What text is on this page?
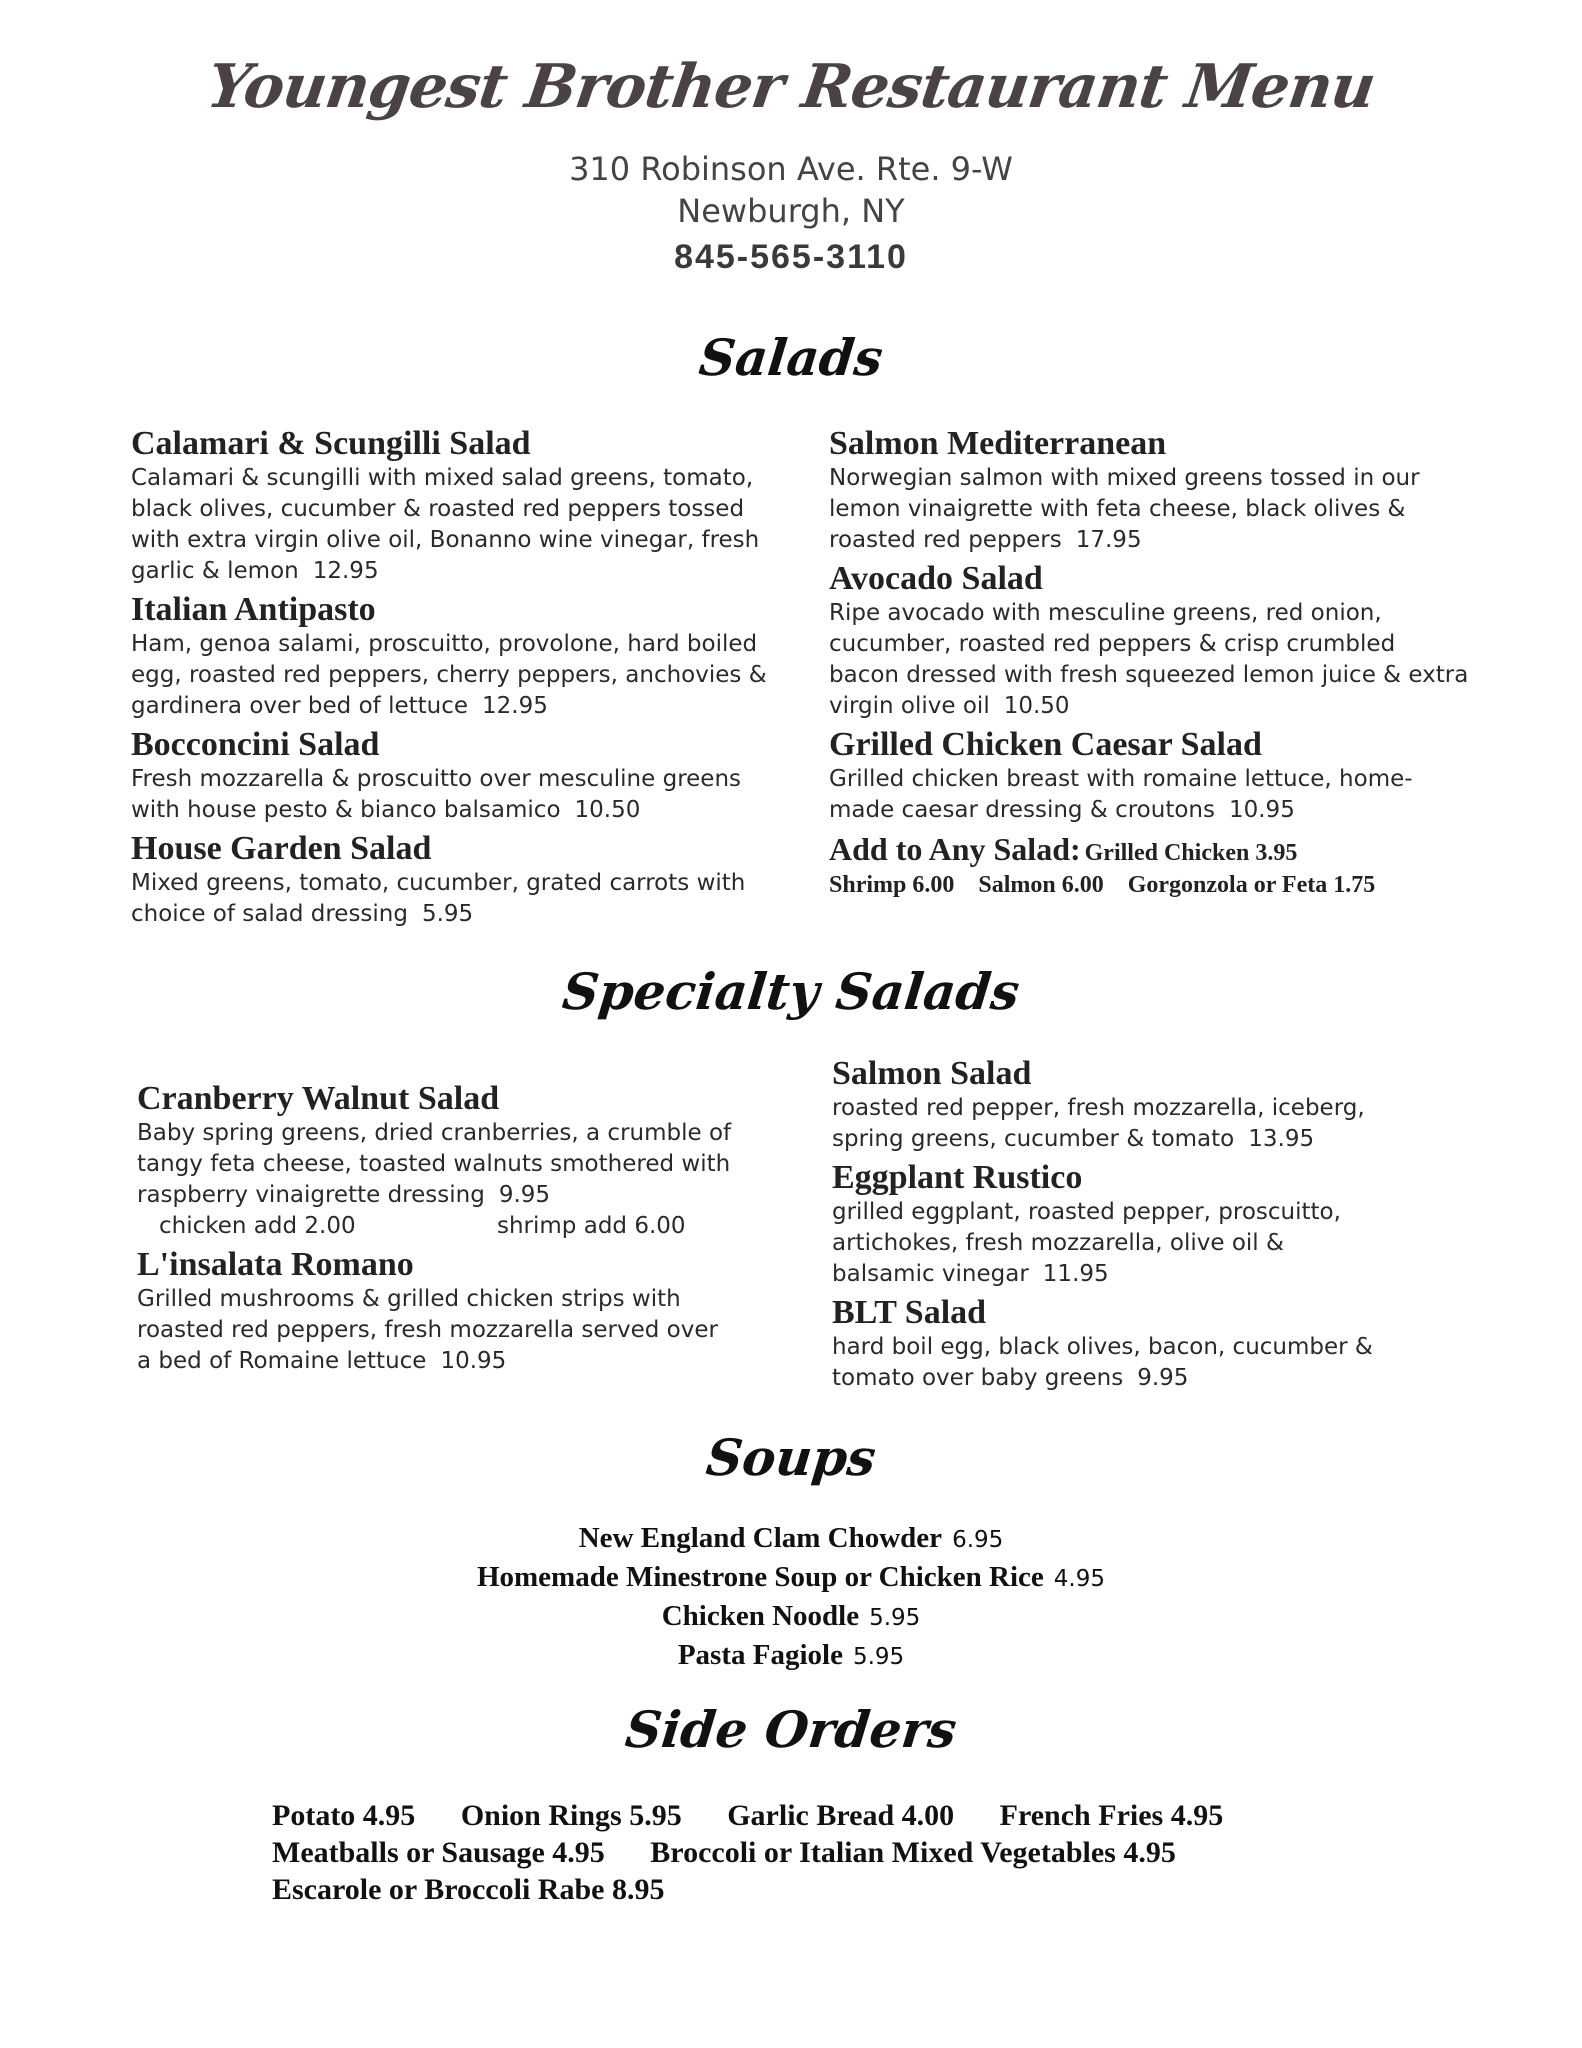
Youngest Brother Restaurant Menu
310 Robinson Ave. Rte. 9-W
Newburgh, NY
845-565-3110
Salads
Calamari & Scungilli Salad
Calamari & scungilli with mixed salad greens, tomato, black olives, cucumber & roasted red peppers tossed with extra virgin olive oil, Bonanno wine vinegar, fresh garlic & lemon 12.95
Italian Antipasto
Ham, genoa salami, proscuitto, provolone, hard boiled egg, roasted red peppers, cherry peppers, anchovies & gardinera over bed of lettuce 12.95
Bocconcini Salad
Fresh mozzarella & proscuitto over mesculine greens with house pesto & bianco balsamico 10.50
House Garden Salad
Mixed greens, tomato, cucumber, grated carrots with choice of salad dressing 5.95
Salmon Mediterranean
Norwegian salmon with mixed greens tossed in our lemon vinaigrette with feta cheese, black olives & roasted red peppers 17.95
Avocado Salad
Ripe avocado with mesculine greens, red onion, cucumber, roasted red peppers & crisp crumbled bacon dressed with fresh squeezed lemon juice & extra virgin olive oil 10.50
Grilled Chicken Caesar Salad
Grilled chicken breast with romaine lettuce, home-made caesar dressing & croutons 10.95
Add to Any Salad: Grilled Chicken 3.95
Shrimp 6.00 Salmon 6.00 Gorgonzola or Feta 1.75
Specialty Salads
Cranberry Walnut Salad
Baby spring greens, dried cranberries, a crumble of tangy feta cheese, toasted walnuts smothered with raspberry vinaigrette dressing 9.95
chicken add 2.00	shrimp add 6.00
L'insalata Romano
Grilled mushrooms & grilled chicken strips with roasted red peppers, fresh mozzarella served over a bed of Romaine lettuce 10.95
Salmon Salad
roasted red pepper, fresh mozzarella, iceberg, spring greens, cucumber & tomato 13.95
Eggplant Rustico
grilled eggplant, roasted pepper, proscuitto, artichokes, fresh mozzarella, olive oil & balsamic vinegar 11.95
BLT Salad
hard boil egg, black olives, bacon, cucumber & tomato over baby greens 9.95
Soups
New England Clam Chowder 6.95
Homemade Minestrone Soup or Chicken Rice 4.95
Chicken Noodle 5.95
Pasta Fagiole 5.95
Side Orders
Potato 4.95 Onion Rings 5.95 Garlic Bread 4.00 French Fries 4.95
Meatballs or Sausage 4.95 Broccoli or Italian Mixed Vegetables 4.95
Escarole or Broccoli Rabe 8.95
